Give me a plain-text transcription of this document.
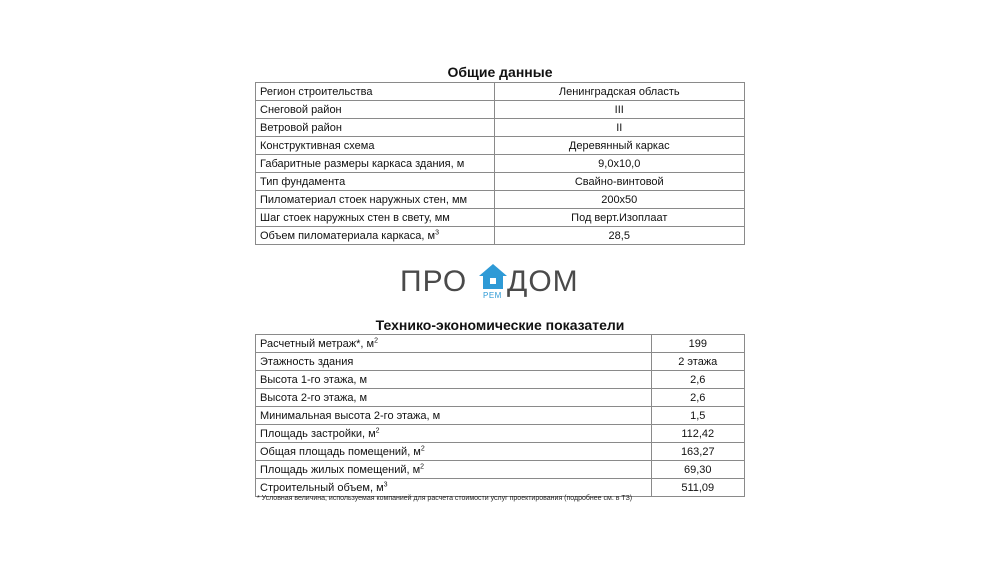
Общие данные
Регион строительства	Ленинградская область
Снеговой район	III
Ветровой район	II
Конструктивная схема	Деревянный каркас
Габаритные размеры каркаса здания, м	9,0х10,0
Тип фундамента	Свайно-винтовой
Пиломатериал стоек наружных стен, мм	200х50
Шаг стоек наружных стен в свету, мм	Под верт.Изоплаат
Объем пиломатериала каркаса, $м^3$	28,5
ПРО РЕМ ДОМ
Технико-экономические показатели
Расчетный метраж*, $м^2$	199
Этажность здания	2 этажа
Высота 1-го этажа, м	2,6
Высота 2-го этажа, м	2,6
Минимальная высота 2-го этажа, м	1,5
Площадь застройки, $м^2$	112,42
Общая площадь помещений, $м^2$	163,27
Площадь жилых помещений, $м^2$	69,30
Строительный объем, $м^3$	511,09
* Условная величина, используемая компанией для расчета стоимости услуг проектирования (подробнее см. в ТЗ)
